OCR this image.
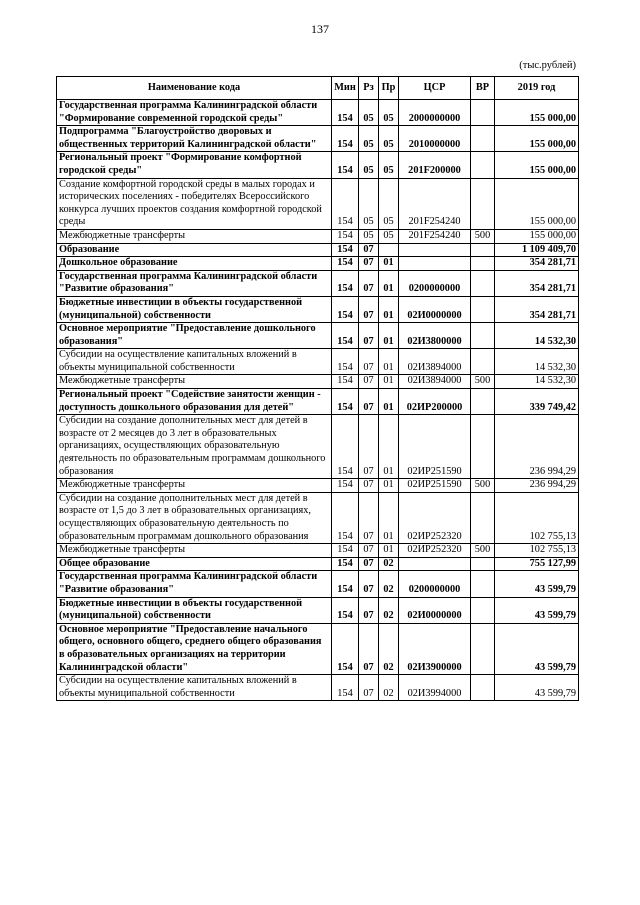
137
(тыс.рублей)
Наименование кода	Мин	Рз	Пр	ЦСР	ВР	2019 год
Государственная программа Калининградской области "Формирование современной городской среды"	154	05	05	2000000000		155 000,00
Подпрограмма "Благоустройство дворовых и общественных территорий Калининградской области"	154	05	05	2010000000		155 000,00
Региональный проект "Формирование комфортной городской среды"	154	05	05	201F200000		155 000,00
Создание комфортной городской среды в малых городах и исторических поселениях - победителях Всероссийского конкурса лучших проектов создания комфортной городской среды	154	05	05	201F254240		155 000,00
Межбюджетные трансферты	154	05	05	201F254240	500	155 000,00
Образование	154	07				1 109 409,70
Дошкольное образование	154	07	01			354 281,71
Государственная программа Калининградской области "Развитие образования"	154	07	01	0200000000		354 281,71
Бюджетные инвестиции в объекты государственной (муниципальной) собственности	154	07	01	02И0000000		354 281,71
Основное мероприятие "Предоставление дошкольного образования"	154	07	01	02И3800000		14 532,30
Субсидии на осуществление капитальных вложений в объекты муниципальной собственности	154	07	01	02И3894000		14 532,30
Межбюджетные трансферты	154	07	01	02И3894000	500	14 532,30
Региональный проект "Содействие занятости женщин - доступность дошкольного образования для детей"	154	07	01	02ИР200000		339 749,42
Субсидии на создание дополнительных мест для детей в возрасте от 2 месяцев до 3 лет в образовательных организациях, осуществляющих образовательную деятельность по образовательным программам дошкольного образования	154	07	01	02ИР251590		236 994,29
Межбюджетные трансферты	154	07	01	02ИР251590	500	236 994,29
Субсидии на создание дополнительных мест для детей в возрасте от 1,5 до 3 лет в образовательных организациях, осуществляющих образовательную деятельность по образовательным программам дошкольного образования	154	07	01	02ИР252320		102 755,13
Межбюджетные трансферты	154	07	01	02ИР252320	500	102 755,13
Общее образование	154	07	02			755 127,99
Государственная программа Калининградской области "Развитие образования"	154	07	02	0200000000		43 599,79
Бюджетные инвестиции в объекты государственной (муниципальной) собственности	154	07	02	02И0000000		43 599,79
Основное мероприятие "Предоставление начального общего, основного общего, среднего общего образования в образовательных организациях на территории Калининградской области"	154	07	02	02И3900000		43 599,79
Субсидии на осуществление капитальных вложений в объекты муниципальной собственности	154	07	02	02И3994000		43 599,79
